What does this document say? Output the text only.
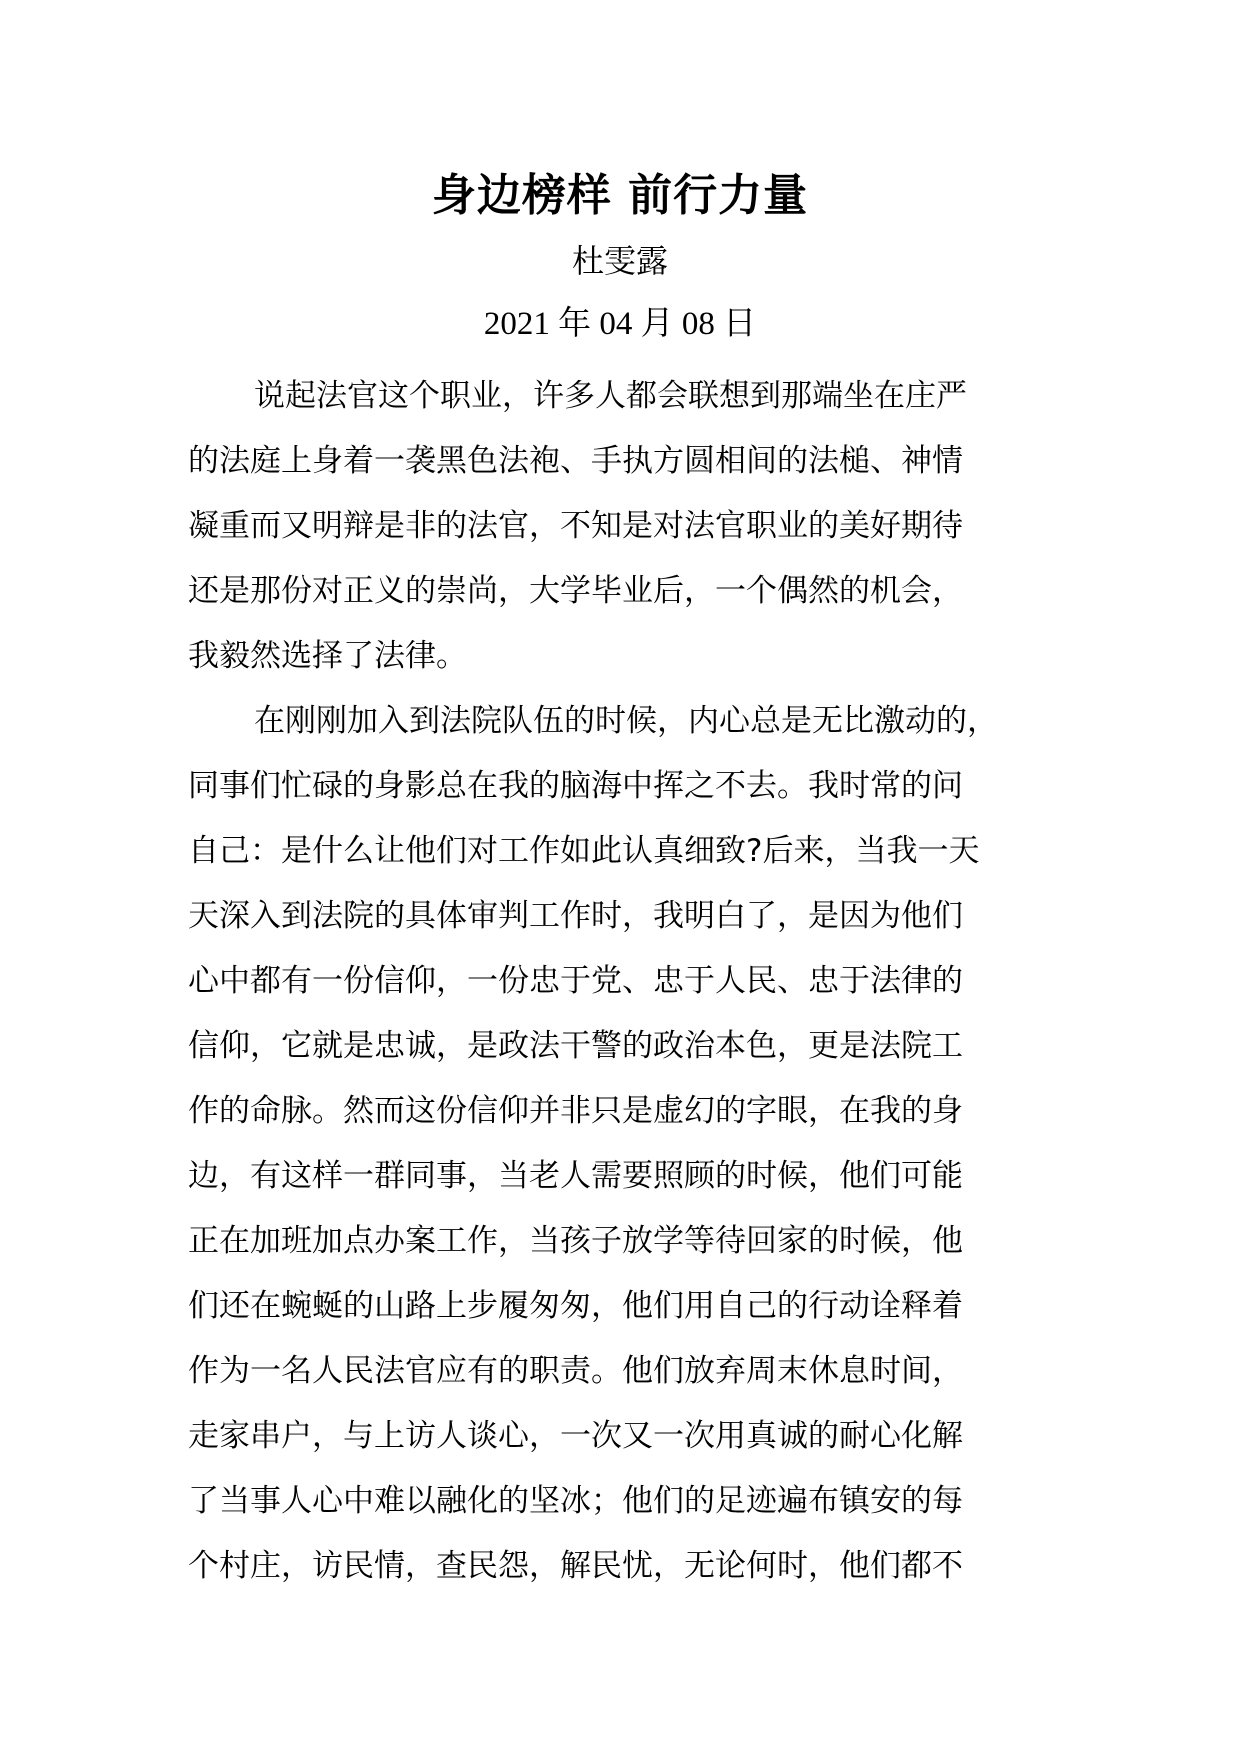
身边榜样 前行力量
杜雯露
2021 年 04 月 08 日
说起法官这个职业，许多人都会联想到那端坐在庄严
的法庭上身着一袭黑色法袍、手执方圆相间的法槌、神情
凝重而又明辩是非的法官，不知是对法官职业的美好期待
还是那份对正义的崇尚，大学毕业后，一个偶然的机会，
我毅然选择了法律。
在刚刚加入到法院队伍的时候，内心总是无比激动的，
同事们忙碌的身影总在我的脑海中挥之不去。我时常的问
自己：是什么让他们对工作如此认真细致?后来，当我一天
天深入到法院的具体审判工作时，我明白了，是因为他们
心中都有一份信仰，一份忠于党、忠于人民、忠于法律的
信仰，它就是忠诚，是政法干警的政治本色，更是法院工
作的命脉。然而这份信仰并非只是虚幻的字眼，在我的身
边，有这样一群同事，当老人需要照顾的时候，他们可能
正在加班加点办案工作，当孩子放学等待回家的时候，他
们还在蜿蜒的山路上步履匆匆，他们用自己的行动诠释着
作为一名人民法官应有的职责。他们放弃周末休息时间，
走家串户，与上访人谈心，一次又一次用真诚的耐心化解
了当事人心中难以融化的坚冰；他们的足迹遍布镇安的每
个村庄，访民情，查民怨，解民忧，无论何时，他们都不
